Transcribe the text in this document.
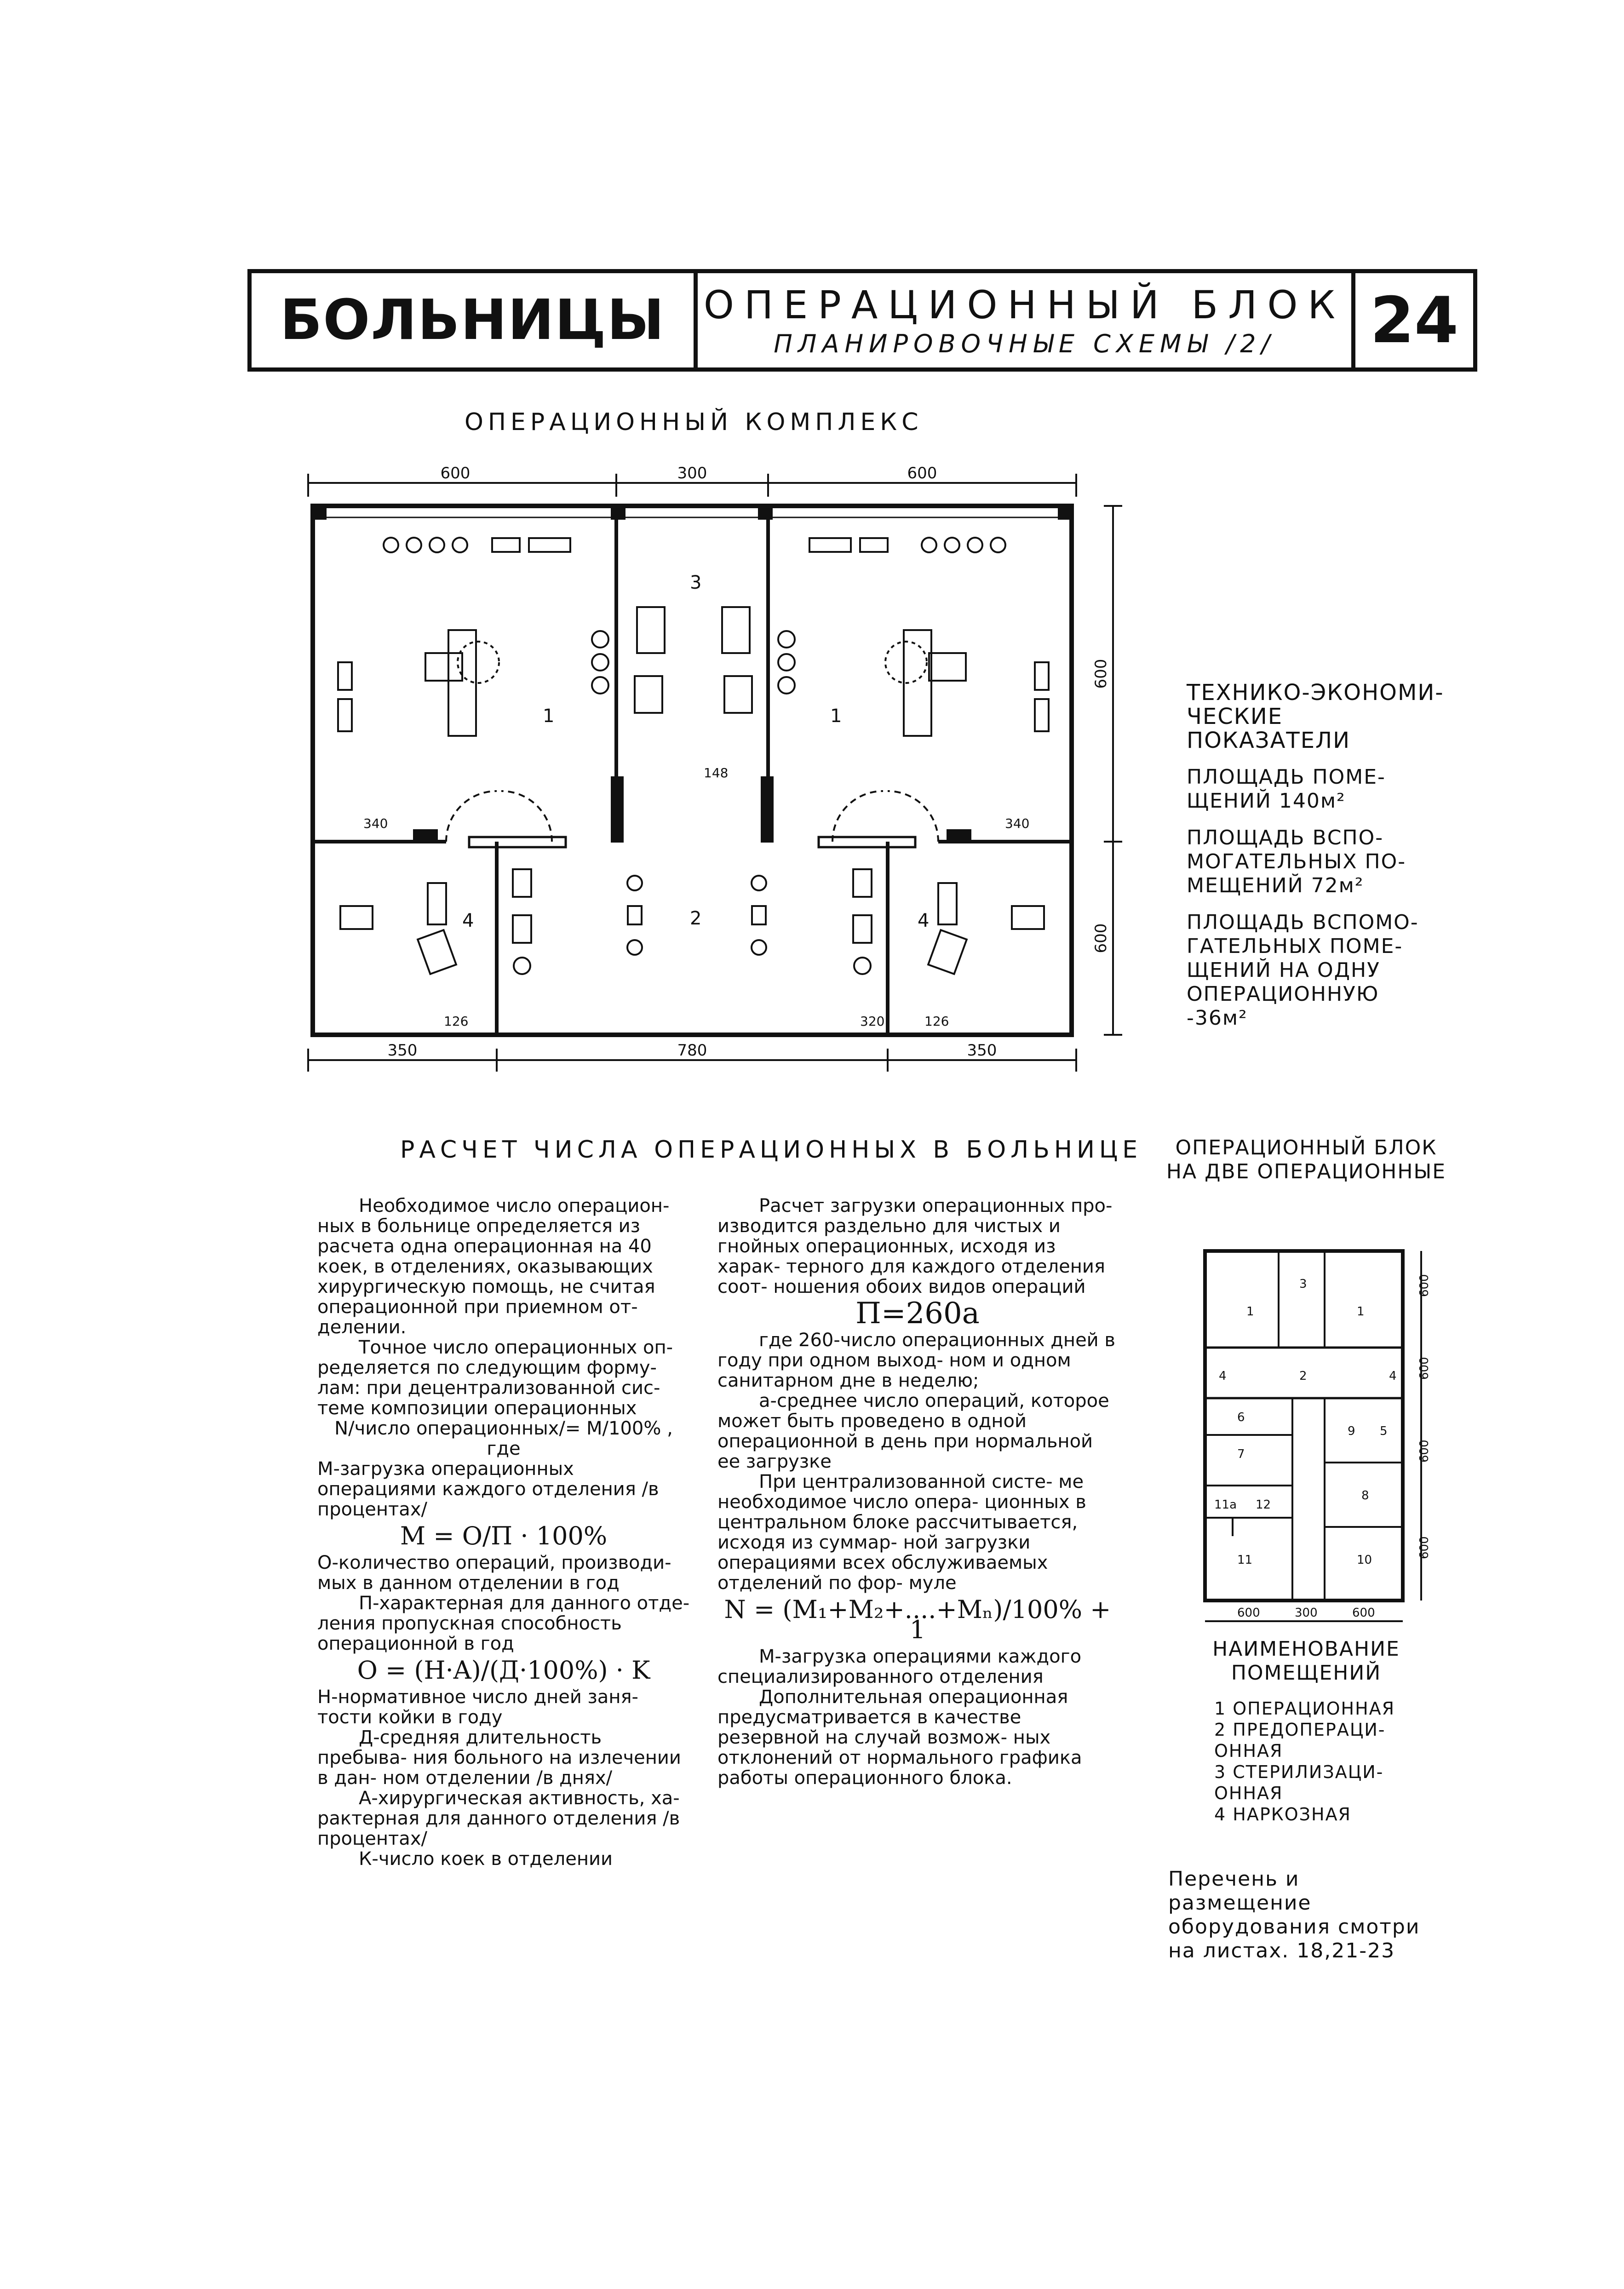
БОЛЬНИЦЫ ОПЕРАЦИОННЫЙ БЛОК
ПЛАНИРОВОЧНЫЕ СХЕМЫ /2/ 24
ОПЕРАЦИОННЫЙ КОМПЛЕКС
600	300	600
350	780	350
600
600
340	340
148
126	126
320
1	1
2
3
4	4

ТЕХНИКО-ЭКОНОМИ-ЧЕСКИЕ ПОКАЗАТЕЛИ

ПЛОЩАДЬ ПОМЕ- ЩЕНИЙ 140м²

ПЛОЩАДЬ ВСПО- МОГАТЕЛЬНЫХ ПО- МЕЩЕНИЙ 72м²

ПЛОЩАДЬ ВСПОМО- ГАТЕЛЬНЫХ ПОМЕ- ЩЕНИЙ НА ОДНУ ОПЕРАЦИОННУЮ -36м²

РАСЧЕТ ЧИСЛА ОПЕРАЦИОННЫХ В БОЛЬНИЦЕ

Необходимое число операцион- ных в больнице определяется из расчета одна операционная на 40 коек, в отделениях, оказывающих хирургическую помощь, не считая операционной при приемном от- делении.

Точное число операционных оп- ределяется по следующим форму- лам: при децентрализованной сис- теме композиции операционных

N/число операционных/= M/100% , где

М-загрузка операционных операциями каждого отделения /в процентах/

M = O/П · 100%

О-количество операций, производи- мых в данном отделении в год

П-характерная для данного отде- ления пропускная способность операционной в год

O = (H·A)/(Д·100%) · K

Н-нормативное число дней заня- тости койки в году

Д-средняя длительность пребыва- ния больного на излечении в дан- ном отделении /в днях/

А-хирургическая активность, ха- рактерная для данного отделения /в процентах/

К-число коек в отделении

Расчет загрузки операционных про- изводится раздельно для чистых и гнойных операционных, исходя из харак- терного для каждого отделения соот- ношения обоих видов операций

П=260a

где 260-число операционных дней в году при одном выход- ном и одном санитарном дне в неделю;

a-среднее число операций, которое может быть проведено в одной операционной в день при нормальной ее загрузке

При централизованной систе- ме необходимое число опера- ционных в центральном блоке рассчитывается, исходя из суммар- ной загрузки операциями всех обслуживаемых отделений по фор- муле

N = (M₁+M₂+....+Mₙ)/100% + 1

М-загрузка операциями каждого специализированного отделения

Дополнительная операционная предусматривается в качестве резервной на случай возмож- ных отклонений от нормального графика работы операционного блока.

ОПЕРАЦИОННЫЙ БЛОК НА ДВЕ ОПЕРАЦИОННЫЕ
1	1
2
3
4	4
5
6
7
8
9
10
11
11а 12
600	300	600
600
600
600
600

НАИМЕНОВАНИЕ ПОМЕЩЕНИЙ

1 ОПЕРАЦИОННАЯ
2 ПРЕДОПЕРАЦИ- ОННАЯ
3 СТЕРИЛИЗАЦИ- ОННАЯ
4 НАРКОЗНАЯ
Перечень и размещение оборудования смотри на листах. 18,21-23
